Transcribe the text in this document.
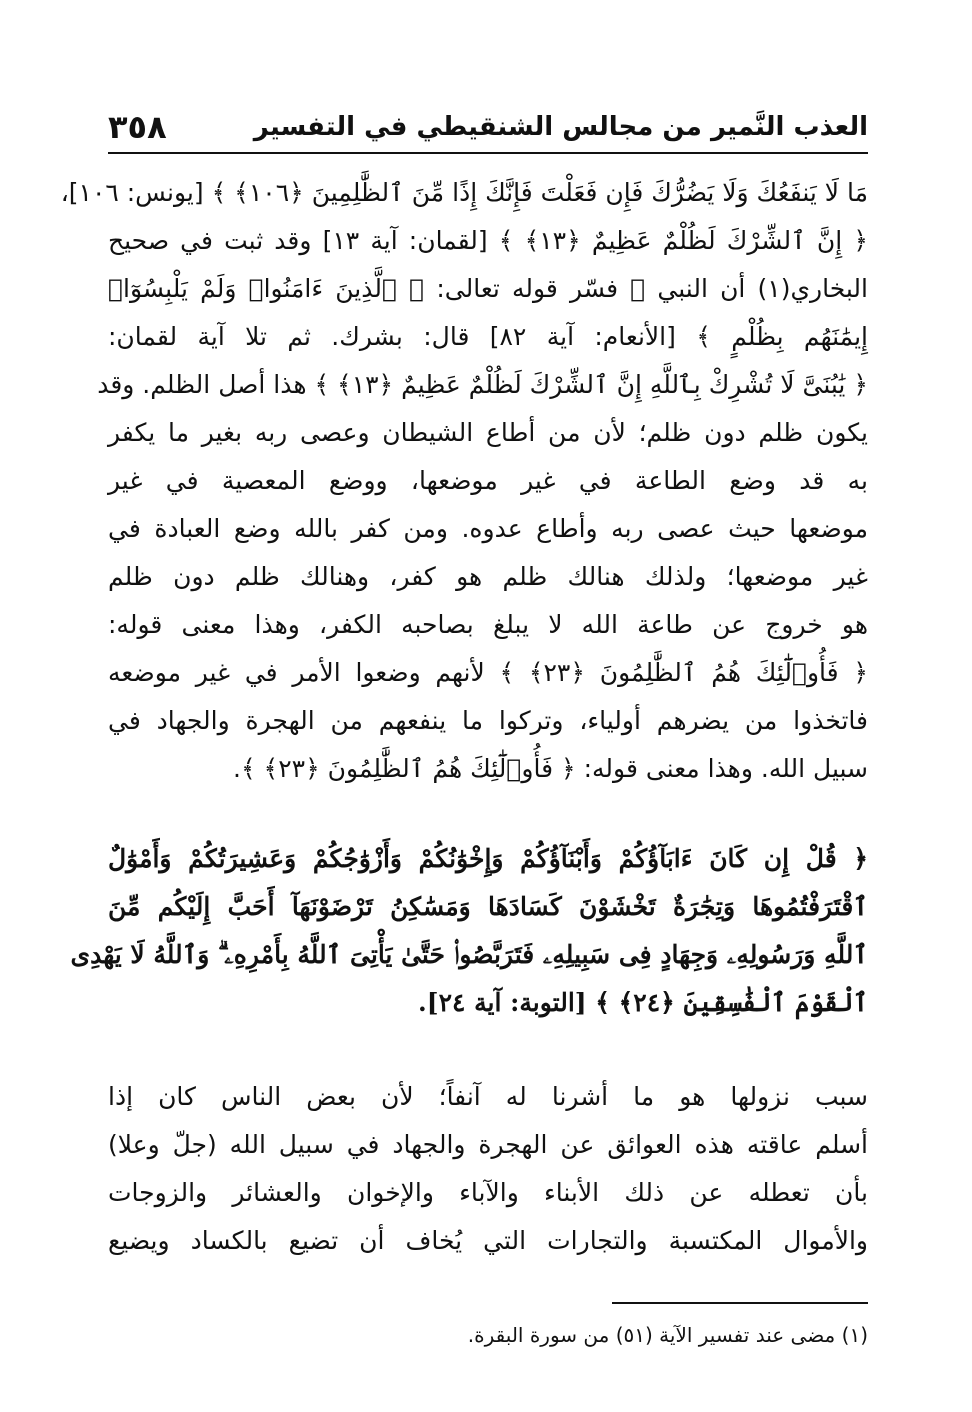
٣٥٨	العذب النَّمير من مجالس الشنقيطي في التفسير
مَا لَا يَنفَعُكَ وَلَا يَضُرُّكَ فَإِن فَعَلْتَ فَإِنَّكَ إِذًا مِّنَ ٱلظَّٰلِمِينَ ﴿١٠٦﴾ ﴾ [يونس: ١٠٦]،
﴿ إِنَّ ٱلشِّرْكَ لَظُلْمٌ عَظِيمٌ ﴿١٣﴾ ﴾ [لقمان: آية ١٣] وقد ثبت في صحيح
البخاري(١) أن النبي ﷺ فسّر قوله تعالى: ﴿ ٱلَّذِينَ ءَامَنُوا۟ وَلَمْ يَلْبِسُوٓا۟
إِيمَٰنَهُم بِظُلْمٍ ﴾ [الأنعام: آية ٨٢] قال: بشرك. ثم تلا آية لقمان:
﴿ يَٰبُنَىَّ لَا تُشْرِكْ بِٱللَّهِ إِنَّ ٱلشِّرْكَ لَظُلْمٌ عَظِيمٌ ﴿١٣﴾ ﴾ هذا أصل الظلم. وقد
يكون ظلم دون ظلم؛ لأن من أطاع الشيطان وعصى ربه بغير ما يكفر
به قد وضع الطاعة في غير موضعها، ووضع المعصية في غير
موضعها حيث عصى ربه وأطاع عدوه. ومن كفر بالله وضع العبادة في
غير موضعها؛ ولذلك هنالك ظلم هو كفر، وهنالك ظلم دون ظلم
هو خروج عن طاعة الله لا يبلغ بصاحبه الكفر، وهذا معنى قوله:
﴿ فَأُو۟لَٰٓئِكَ هُمُ ٱلظَّٰلِمُونَ ﴿٢٣﴾ ﴾ لأنهم وضعوا الأمر في غير موضعه
فاتخذوا من يضرهم أولياء، وتركوا ما ينفعهم من الهجرة والجهاد في
سبيل الله. وهذا معنى قوله: ﴿ فَأُو۟لَٰٓئِكَ هُمُ ٱلظَّٰلِمُونَ ﴿٢٣﴾ ﴾.
﴿ قُلْ إِن كَانَ ءَابَآؤُكُمْ وَأَبْنَآؤُكُمْ وَإِخْوَٰنُكُمْ وَأَزْوَٰجُكُمْ وَعَشِيرَتُكُمْ وَأَمْوَٰلٌ
ٱقْتَرَفْتُمُوهَا وَتِجَٰرَةٌ تَخْشَوْنَ كَسَادَهَا وَمَسَٰكِنُ تَرْضَوْنَهَآ أَحَبَّ إِلَيْكُم مِّنَ
ٱللَّهِ وَرَسُولِهِۦ وَجِهَادٍ فِى سَبِيلِهِۦ فَتَرَبَّصُوا۟ حَتَّىٰ يَأْتِىَ ٱللَّهُ بِأَمْرِهِۦ ۗ وَٱللَّهُ لَا يَهْدِى
ٱلْقَوْمَ ٱلْفَٰسِقِينَ ﴿٢٤﴾ ﴾ [التوبة: آية ٢٤].
سبب نزولها هو ما أشرنا له آنفاً؛ لأن بعض الناس كان إذا
أسلم عاقته هذه العوائق عن الهجرة والجهاد في سبيل الله (جلّ وعلا)
بأن تعطله عن ذلك الأبناء والآباء والإخوان والعشائر والزوجات
والأموال المكتسبة والتجارات التي يُخاف أن تضيع بالكساد ويضيع
(١) مضى عند تفسير الآية (٥١) من سورة البقرة.
